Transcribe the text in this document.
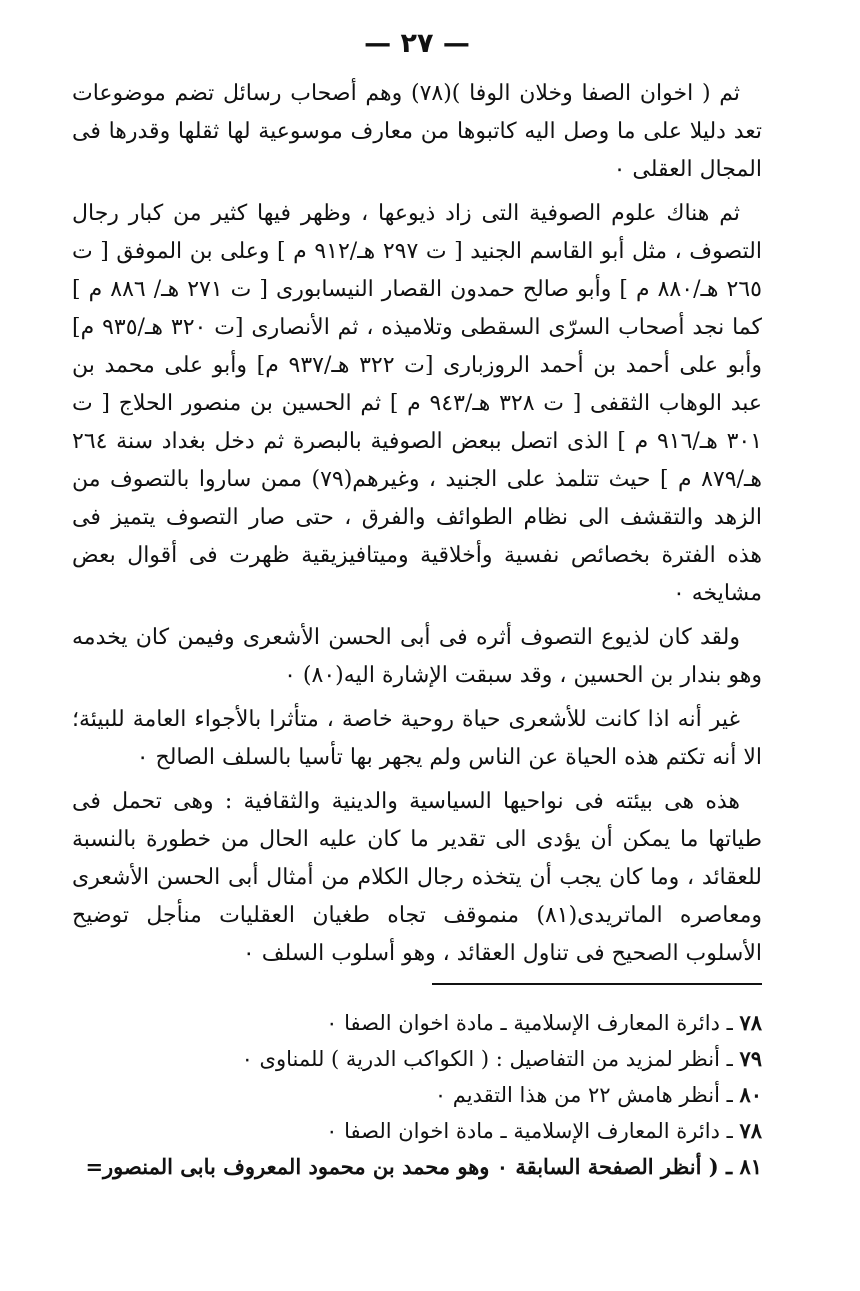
— ٢٧ —

ثم ( اخوان الصفا وخلان الوفا )(٧٨) وهم أصحاب رسائل تضم موضوعات تعد دليلا على ما وصل اليه كاتبوها من معارف موسوعية لها ثقلها وقدرها فى المجال العقلى ٠

ثم هناك علوم الصوفية التى زاد ذيوعها ، وظهر فيها كثير من كبار رجال التصوف ، مثل أبو القاسم الجنيد [ ت ٢٩٧ هـ/٩١٢ م ] وعلى بن الموفق [ ت ٢٦٥ هـ/٨٨٠ م ] وأبو صالح حمدون القصار النيسابورى [ ت ٢٧١ هـ/ ٨٨٦ م ] كما نجد أصحاب السرّى السقطى وتلاميذه ، ثم الأنصارى [ت ٣٢٠ هـ/٩٣٥ م] وأبو على أحمد بن أحمد الروزبارى [ت ٣٢٢ هـ/٩٣٧ م] وأبو على محمد بن عبد الوهاب الثقفى [ ت ٣٢٨ هـ/٩٤٣ م ] ثم الحسين بن منصور الحلاج [ ت ٣٠١ هـ/٩١٦ م ] الذى اتصل ببعض الصوفية بالبصرة ثم دخل بغداد سنة ٢٦٤ هـ/٨٧٩ م ] حيث تتلمذ على الجنيد ، وغيرهم(٧٩) ممن ساروا بالتصوف من الزهد والتقشف الى نظام الطوائف والفرق ، حتى صار التصوف يتميز فى هذه الفترة بخصائص نفسية وأخلاقية وميتافيزيقية ظهرت فى أقوال بعض مشايخه ٠

ولقد كان لذيوع التصوف أثره فى أبى الحسن الأشعرى وفيمن كان يخدمه وهو بندار بن الحسين ، وقد سبقت الإشارة اليه(٨٠) ٠

غير أنه اذا كانت للأشعرى حياة روحية خاصة ، متأثرا بالأجواء العامة للبيئة؛ الا أنه تكتم هذه الحياة عن الناس ولم يجهر بها تأسيا بالسلف الصالح ٠

هذه هى بيئته فى نواحيها السياسية والدينية والثقافية : وهى تحمل فى طياتها ما يمكن أن يؤدى الى تقدير ما كان عليه الحال من خطورة بالنسبة للعقائد ، وما كان يجب أن يتخذه رجال الكلام من أمثال أبى الحسن الأشعرى ومعاصره الماتريدى(٨١) منموقف تجاه طغيان العقليات منأجل توضيح الأسلوب الصحيح فى تناول العقائد ، وهو أسلوب السلف ٠

٧٨ ـ دائرة المعارف الإسلامية ـ مادة اخوان الصفا ٠
٧٩ ـ أنظر لمزيد من التفاصيل : ( الكواكب الدرية ) للمناوى ٠
٨٠ ـ أنظر هامش ٢٢ من هذا التقديم ٠
٧٨ ـ دائرة المعارف الإسلامية ـ مادة اخوان الصفا ٠
٨١ ـ ( أنظر الصفحة السابقة ٠ وهو محمد بن محمود المعروف بابى المنصور=
